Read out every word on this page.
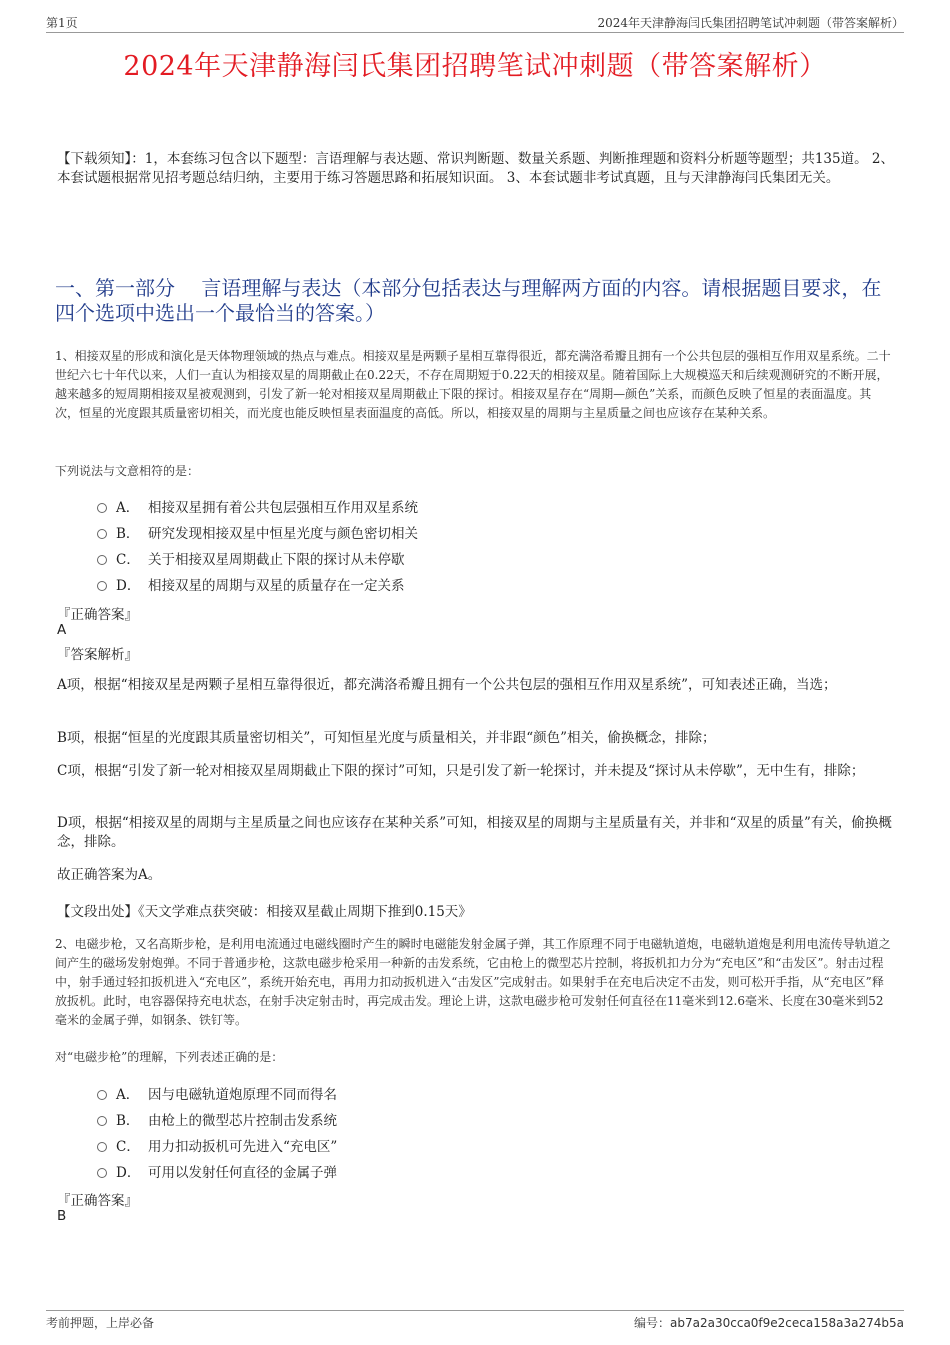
第1页	2024年天津静海闫氏集团招聘笔试冲刺题（带答案解析）
2024年天津静海闫氏集团招聘笔试冲刺题（带答案解析）
【下载须知】：1，本套练习包含以下题型：言语理解与表达题、常识判断题、数量关系题、判断推理题和资料分析题等题型；共135道。 2、本套试题根据常见招考题总结归纳，主要用于练习答题思路和拓展知识面。 3、本套试题非考试真题，且与天津静海闫氏集团无关。
一、第一部分　 言语理解与表达（本部分包括表达与理解两方面的内容。请根据题目要求，在四个选项中选出一个最恰当的答案。）
1、相接双星的形成和演化是天体物理领域的热点与难点。相接双星是两颗子星相互靠得很近，都充满洛希瓣且拥有一个公共包层的强相互作用双星系统。二十世纪六七十年代以来，人们一直认为相接双星的周期截止在0.22天，不存在周期短于0.22天的相接双星。随着国际上大规模巡天和后续观测研究的不断开展，越来越多的短周期相接双星被观测到，引发了新一轮对相接双星周期截止下限的探讨。相接双星存在“周期—颜色”关系，而颜色反映了恒星的表面温度。其次，恒星的光度跟其质量密切相关，而光度也能反映恒星表面温度的高低。所以，相接双星的周期与主星质量之间也应该存在某种关系。
下列说法与文意相符的是：
A． 相接双星拥有着公共包层强相互作用双星系统
B． 研究发现相接双星中恒星光度与颜色密切相关
C． 关于相接双星周期截止下限的探讨从未停歇
D． 相接双星的周期与双星的质量存在一定关系
『正确答案』
A
『答案解析』
A项，根据“相接双星是两颗子星相互靠得很近，都充满洛希瓣且拥有一个公共包层的强相互作用双星系统”，可知表述正确，当选；
B项，根据“恒星的光度跟其质量密切相关”，可知恒星光度与质量相关，并非跟“颜色”相关，偷换概念，排除；
C项，根据“引发了新一轮对相接双星周期截止下限的探讨”可知，只是引发了新一轮探讨，并未提及“探讨从未停歇”，无中生有，排除；
D项，根据“相接双星的周期与主星质量之间也应该存在某种关系”可知，相接双星的周期与主星质量有关，并非和“双星的质量”有关，偷换概念，排除。
故正确答案为A。
【文段出处】《天文学难点获突破：相接双星截止周期下推到0.15天》
2、电磁步枪，又名高斯步枪，是利用电流通过电磁线圈时产生的瞬时电磁能发射金属子弹，其工作原理不同于电磁轨道炮，电磁轨道炮是利用电流传导轨道之间产生的磁场发射炮弹。不同于普通步枪，这款电磁步枪采用一种新的击发系统，它由枪上的微型芯片控制，将扳机扣力分为“充电区”和“击发区”。射击过程中，射手通过轻扣扳机进入“充电区”，系统开始充电，再用力扣动扳机进入“击发区”完成射击。如果射手在充电后决定不击发，则可松开手指，从“充电区”释放扳机。此时，电容器保持充电状态，在射手决定射击时，再完成击发。理论上讲，这款电磁步枪可发射任何直径在11毫米到12.6毫米、长度在30毫米到52毫米的金属子弹，如钢条、铁钉等。
对“电磁步枪”的理解，下列表述正确的是：
A． 因与电磁轨道炮原理不同而得名
B． 由枪上的微型芯片控制击发系统
C． 用力扣动扳机可先进入“充电区”
D． 可用以发射任何直径的金属子弹
『正确答案』
B
考前押题，上岸必备	编号：ab7a2a30cca0f9e2ceca158a3a274b5a
